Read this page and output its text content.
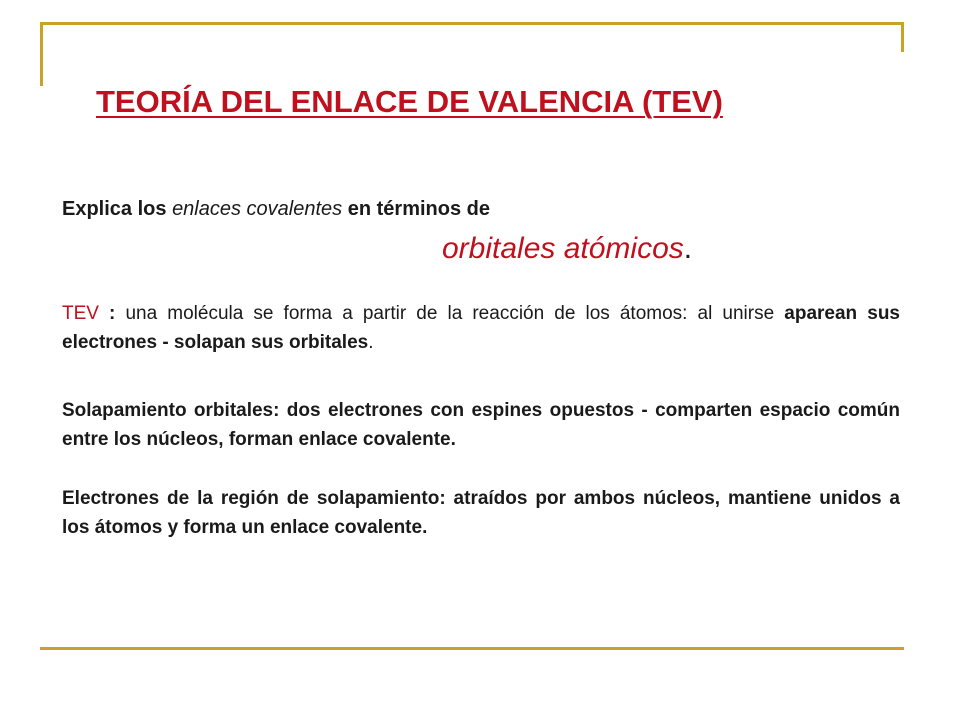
TEORÍA DEL ENLACE DE VALENCIA (TEV)
Explica los enlaces covalentes en términos de
orbitales atómicos.
TEV : una molécula se forma a partir de la reacción de los átomos: al unirse aparean sus electrones - solapan sus orbitales.
Solapamiento orbitales: dos electrones con espines opuestos - comparten espacio común entre los núcleos, forman enlace covalente.
Electrones de la región de solapamiento: atraídos por ambos núcleos, mantiene unidos a los átomos y forma un enlace covalente.
